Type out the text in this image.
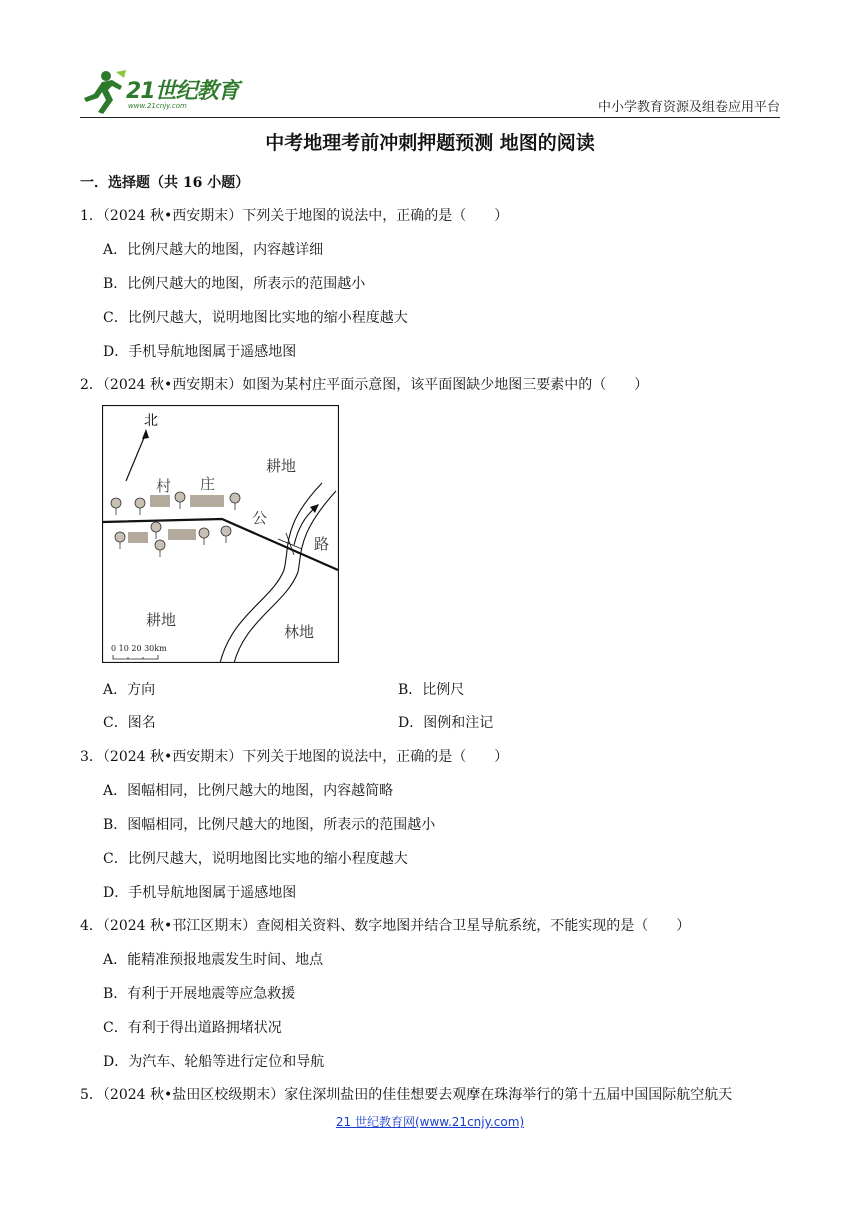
21世纪教育
www.21cnjy.com	中小学教育资源及组卷应用平台
中考地理考前冲刺押题预测 地图的阅读
一．选择题（共 16 小题）
1．（2024 秋•西安期末）下列关于地图的说法中，正确的是（　　）
A．比例尺越大的地图，内容越详细
B．比例尺越大的地图，所表示的范围越小
C．比例尺越大，说明地图比实地的缩小程度越大
D．手机导航地图属于遥感地图
2．（2024 秋•西安期末）如图为某村庄平面示意图，该平面图缺少地图三要素中的（　　）
北
村 庄
耕地
耕地
林地
公
路
0 10 20 30km
A．方向	B．比例尺
C．图名	D．图例和注记
3．（2024 秋•西安期末）下列关于地图的说法中，正确的是（　　）
A．图幅相同，比例尺越大的地图，内容越简略
B．图幅相同，比例尺越大的地图，所表示的范围越小
C．比例尺越大，说明地图比实地的缩小程度越大
D．手机导航地图属于遥感地图
4．（2024 秋•邗江区期末）查阅相关资料、数字地图并结合卫星导航系统，不能实现的是（　　）
A．能精准预报地震发生时间、地点
B．有利于开展地震等应急救援
C．有利于得出道路拥堵状况
D．为汽车、轮船等进行定位和导航
5．（2024 秋•盐田区校级期末）家住深圳盐田的佳佳想要去观摩在珠海举行的第十五届中国国际航空航天
21 世纪教育网(www.21cnjy.com)
